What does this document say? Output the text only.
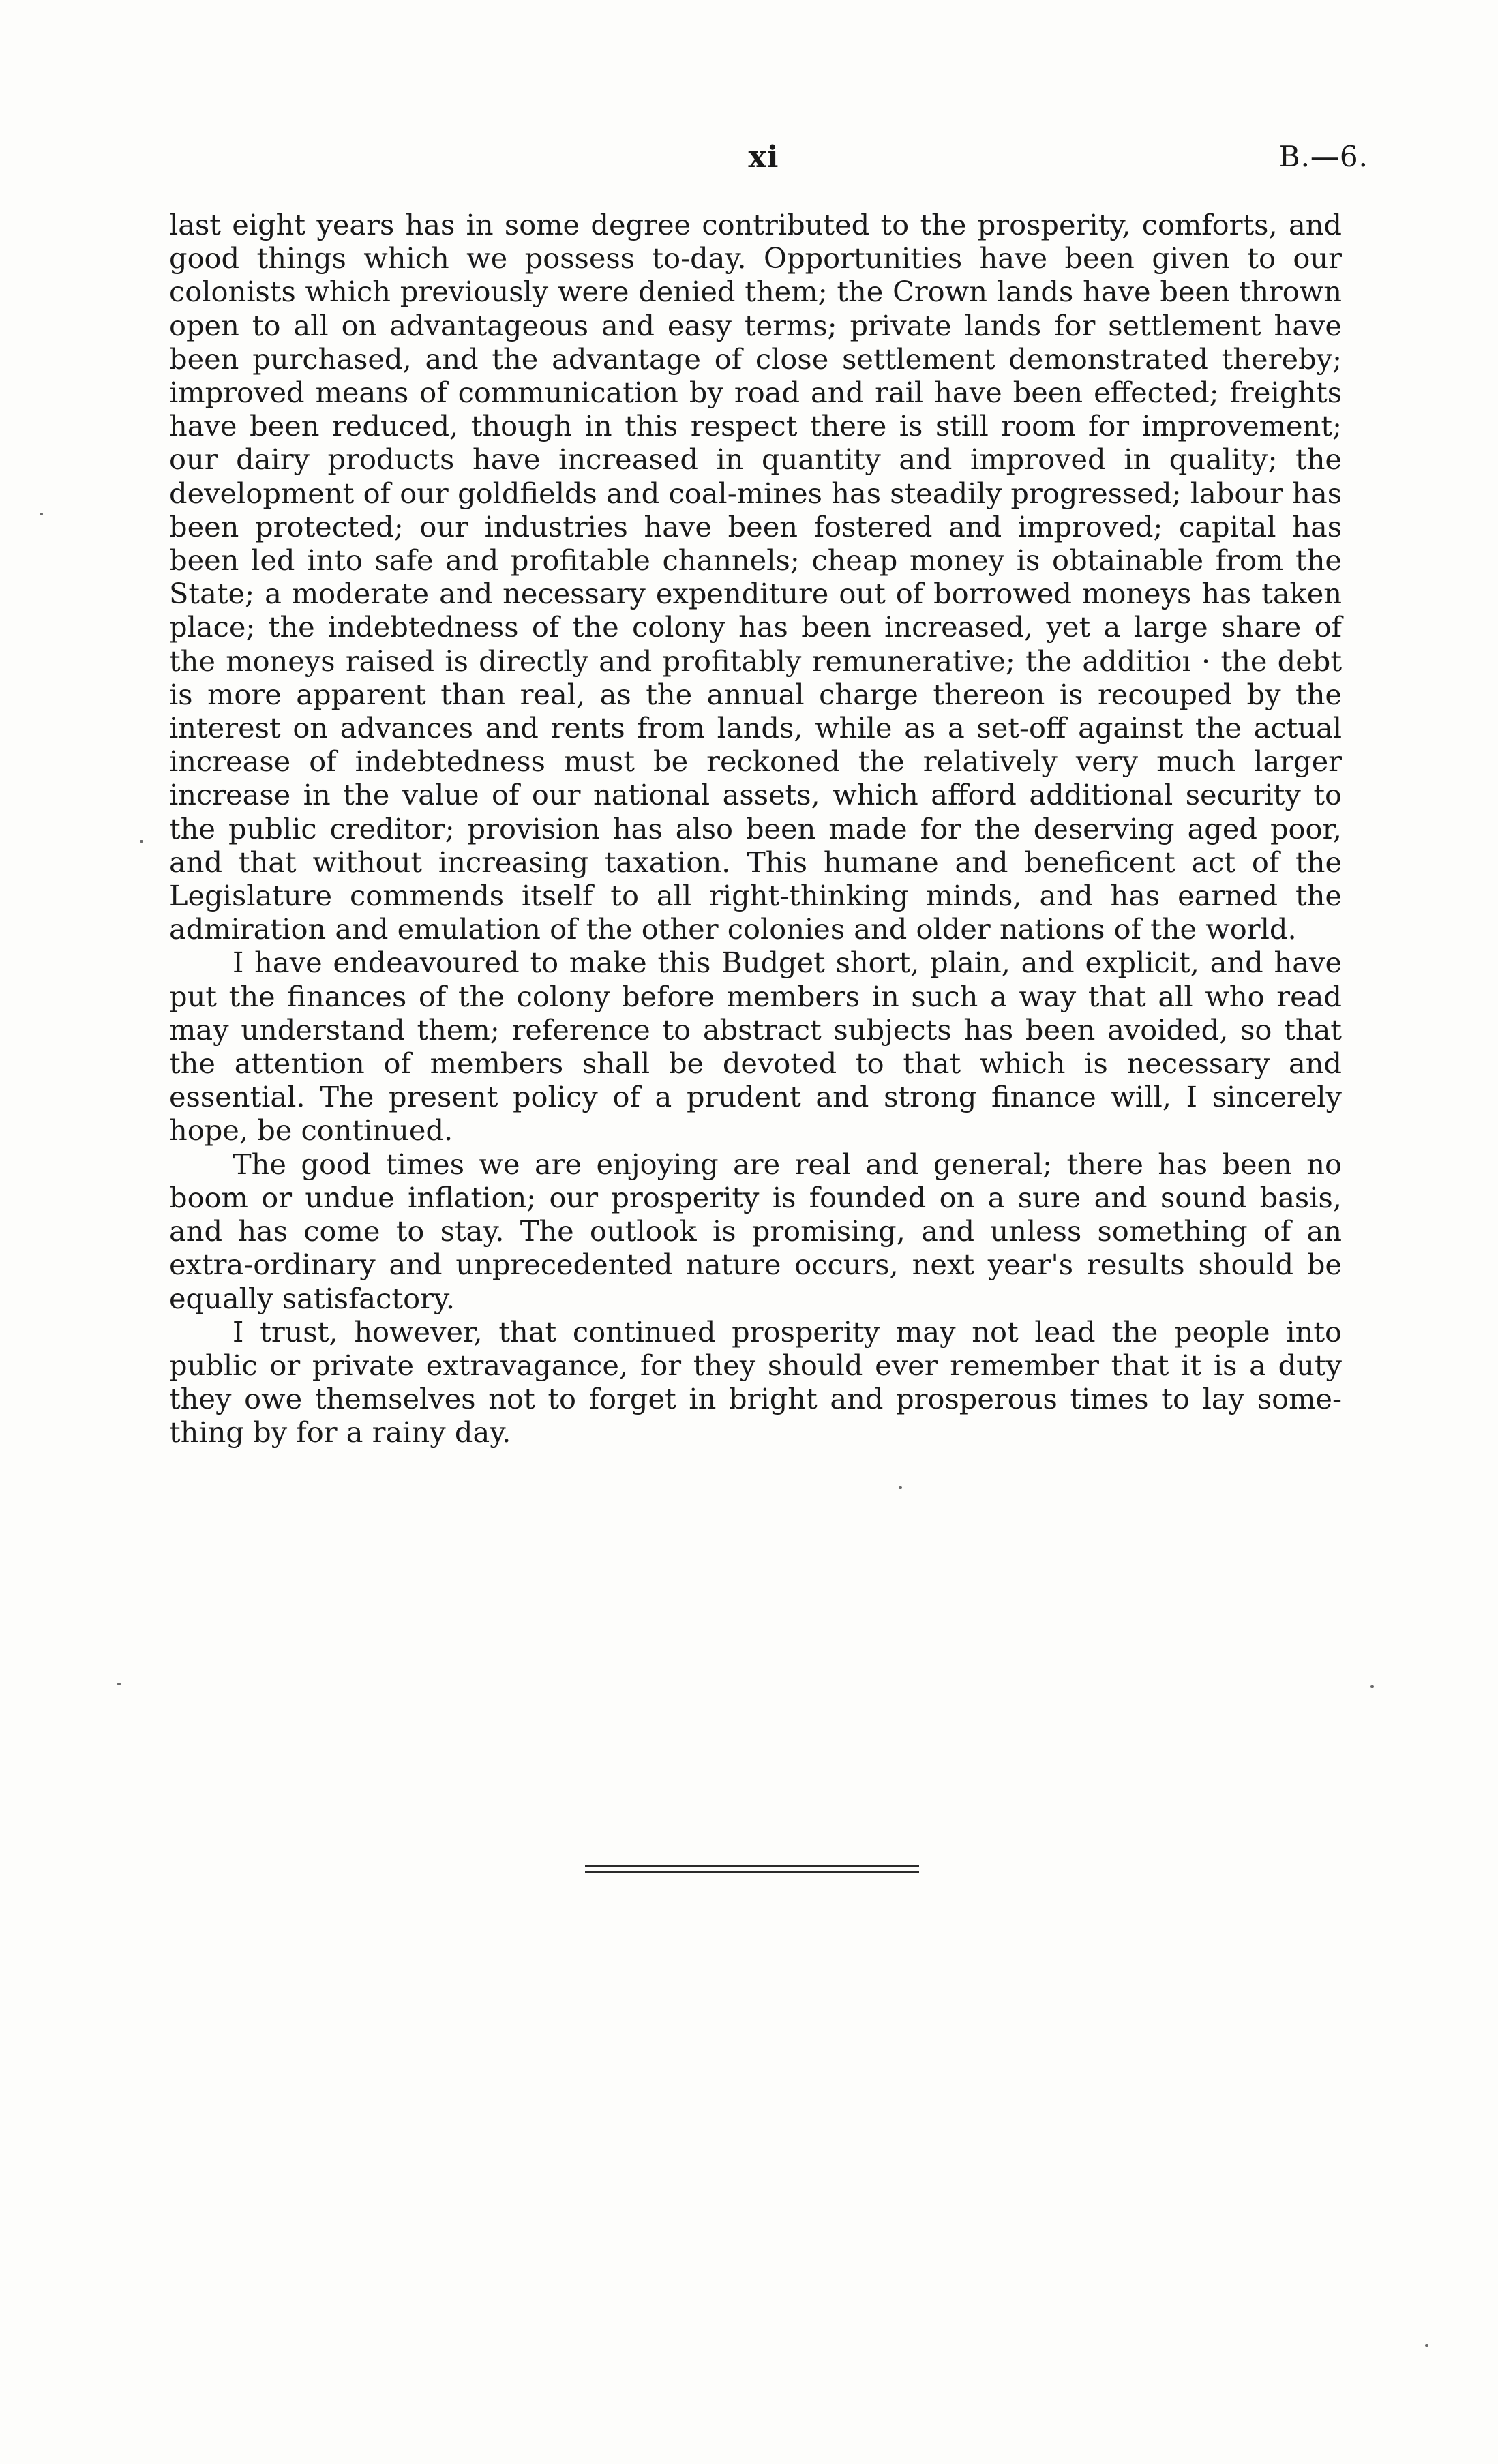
xi	B.—6.

last eight years has in some degree contributed to the prosperity, comforts, and good things which we possess to-day. Opportunities have been given to our colonists which previously were denied them; the Crown lands have been thrown open to all on advantageous and easy terms; private lands for settlement have been purchased, and the advantage of close settlement demonstrated thereby; improved means of communication by road and rail have been effected; freights have been reduced, though in this respect there is still room for improvement; our dairy products have increased in quantity and improved in quality; the development of our goldfields and coal-mines has steadily progressed; labour has been protected; our industries have been fostered and improved; capital has been led into safe and profitable channels; cheap money is obtainable from the State; a moderate and necessary expenditure out of borrowed moneys has taken place; the indebtedness of the colony has been increased, yet a large share of the moneys raised is directly and profitably remunerative; the additioı · the debt is more apparent than real, as the annual charge thereon is recouped by the interest on advances and rents from lands, while as a set-off against the actual increase of indebtedness must be reckoned the relatively very much larger increase in the value of our national assets, which afford additional security to the public creditor; provision has also been made for the deserving aged poor, and that without increasing taxation. This humane and beneficent act of the Legislature commends itself to all right-thinking minds, and has earned the admiration and emulation of the other colonies and older nations of the world.

I have endeavoured to make this Budget short, plain, and explicit, and have put the finances of the colony before members in such a way that all who read may understand them; reference to abstract subjects has been avoided, so that the attention of members shall be devoted to that which is necessary and essential. The present policy of a prudent and strong finance will, I sincerely hope, be continued.

The good times we are enjoying are real and general; there has been no boom or undue inflation; our prosperity is founded on a sure and sound basis, and has come to stay. The outlook is promising, and unless something of an extra-ordinary and unprecedented nature occurs, next year's results should be equally satisfactory.

I trust, however, that continued prosperity may not lead the people into public or private extravagance, for they should ever remember that it is a duty they owe themselves not to forget in bright and prosperous times to lay some-thing by for a rainy day.
